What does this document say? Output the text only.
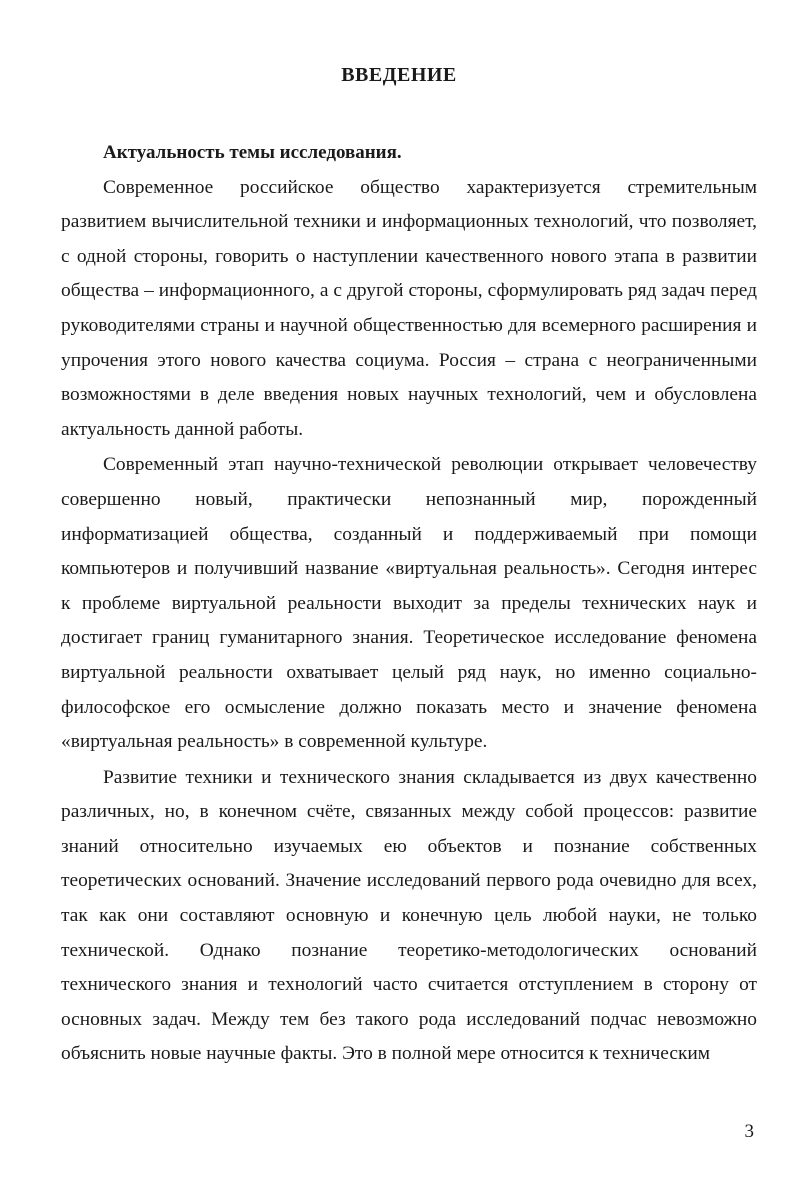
ВВЕДЕНИЕ

Актуальность темы исследования.

Современное российское общество характеризуется стремительным развитием вычислительной техники и информационных технологий, что позволяет, с одной стороны, говорить о наступлении качественного нового этапа в развитии общества – информационного, а с другой стороны, сформулировать ряд задач перед руководителями страны и научной общественностью для всемерного расширения и упрочения этого нового качества социума. Россия – страна с неограниченными возможностями в деле введения новых научных технологий, чем и обусловлена актуальность данной работы.

Современный этап научно-технической революции открывает человечеству совершенно новый, практически непознанный мир, порожденный информатизацией общества, созданный и поддерживаемый при помощи компьютеров и получивший название «виртуальная реальность». Сегодня интерес к проблеме виртуальной реальности выходит за пределы технических наук и достигает границ гуманитарного знания. Теоретическое исследование феномена виртуальной реальности охватывает целый ряд наук, но именно социально-философское его осмысление должно показать место и значение феномена «виртуальная реальность» в современной культуре.

Развитие техники и технического знания складывается из двух качественно различных, но, в конечном счёте, связанных между собой процессов: развитие знаний относительно изучаемых ею объектов и познание собственных теоретических оснований. Значение исследований первого рода очевидно для всех, так как они составляют основную и конечную цель любой науки, не только технической. Однако познание теоретико-методологических оснований технического знания и технологий часто считается отступлением в сторону от основных задач. Между тем без такого рода исследований подчас невозможно объяснить новые научные факты. Это в полной мере относится к техническим

3
